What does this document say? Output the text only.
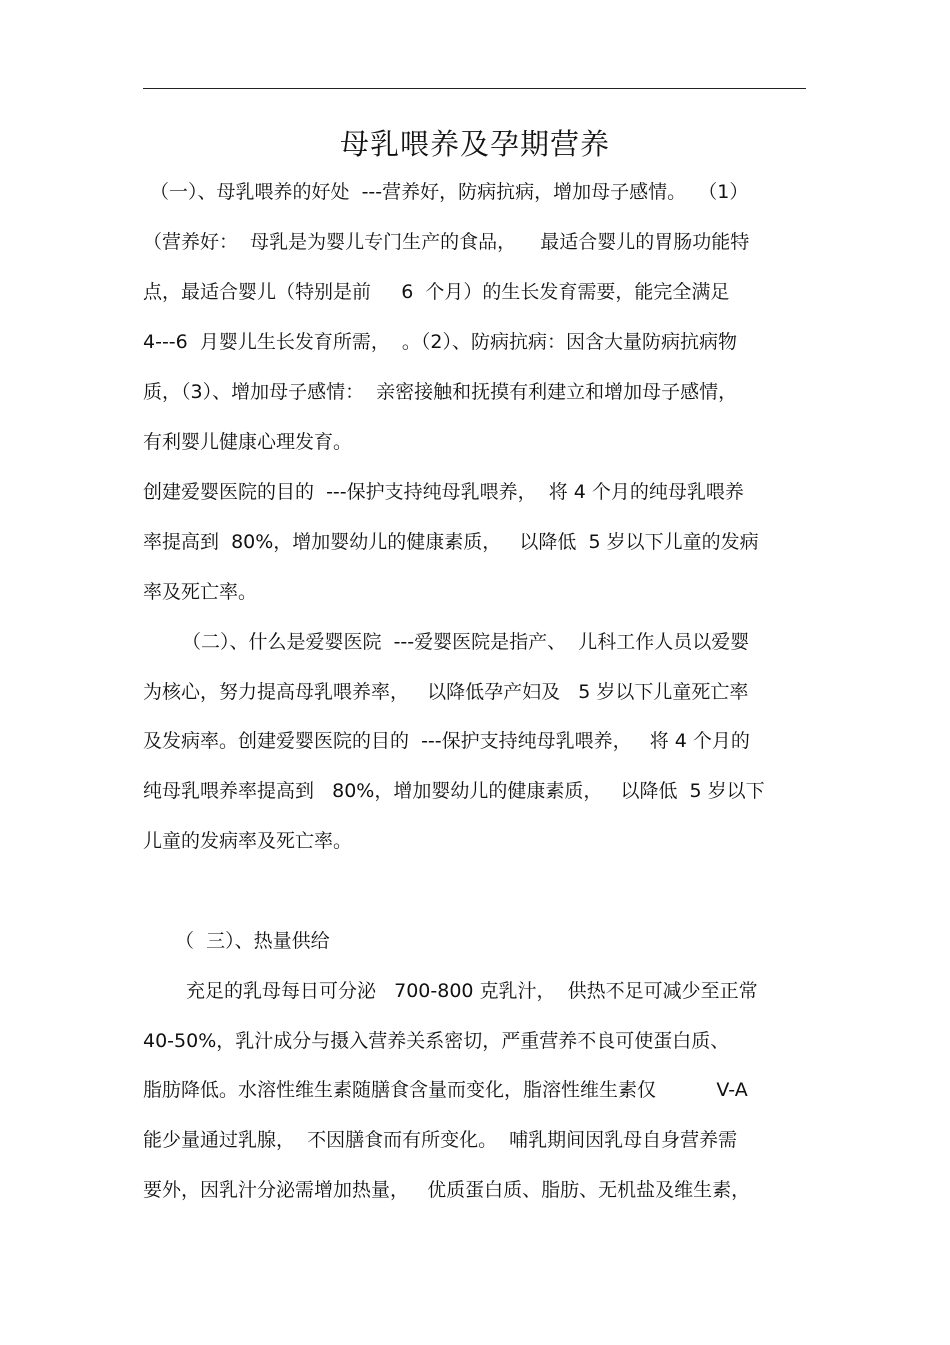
母乳喂养及孕期营养
（一）、母乳喂养的好处  ---营养好，防病抗病，增加母子感情。  （1）
（营养好：  母乳是为婴儿专门生产的食品，    最适合婴儿的胃肠功能特
点，最适合婴儿（特别是前     6  个月）的生长发育需要，能完全满足
4---6  月婴儿生长发育所需，  。（2）、防病抗病：因含大量防病抗病物
质，（3）、增加母子感情：  亲密接触和抚摸有利建立和增加母子感情，
有利婴儿健康心理发育。
创建爱婴医院的目的  ---保护支持纯母乳喂养，  将 4 个月的纯母乳喂养
率提高到  80%，增加婴幼儿的健康素质，   以降低  5 岁以下儿童的发病
率及死亡率。
（二）、什么是爱婴医院  ---爱婴医院是指产、  儿科工作人员以爱婴
为核心，努力提高母乳喂养率，   以降低孕产妇及   5 岁以下儿童死亡率
及发病率。创建爱婴医院的目的  ---保护支持纯母乳喂养，   将 4 个月的
纯母乳喂养率提高到   80%，增加婴幼儿的健康素质，   以降低  5 岁以下
儿童的发病率及死亡率。
（  三）、热量供给
充足的乳母每日可分泌   700-800 克乳汁，  供热不足可减少至正常
40-50%，乳汁成分与摄入营养关系密切，严重营养不良可使蛋白质、
脂肪降低。水溶性维生素随膳食含量而变化，脂溶性维生素仅          V-A
能少量通过乳腺，  不因膳食而有所变化。  哺乳期间因乳母自身营养需
要外，因乳汁分泌需增加热量，   优质蛋白质、脂肪、无机盐及维生素，
